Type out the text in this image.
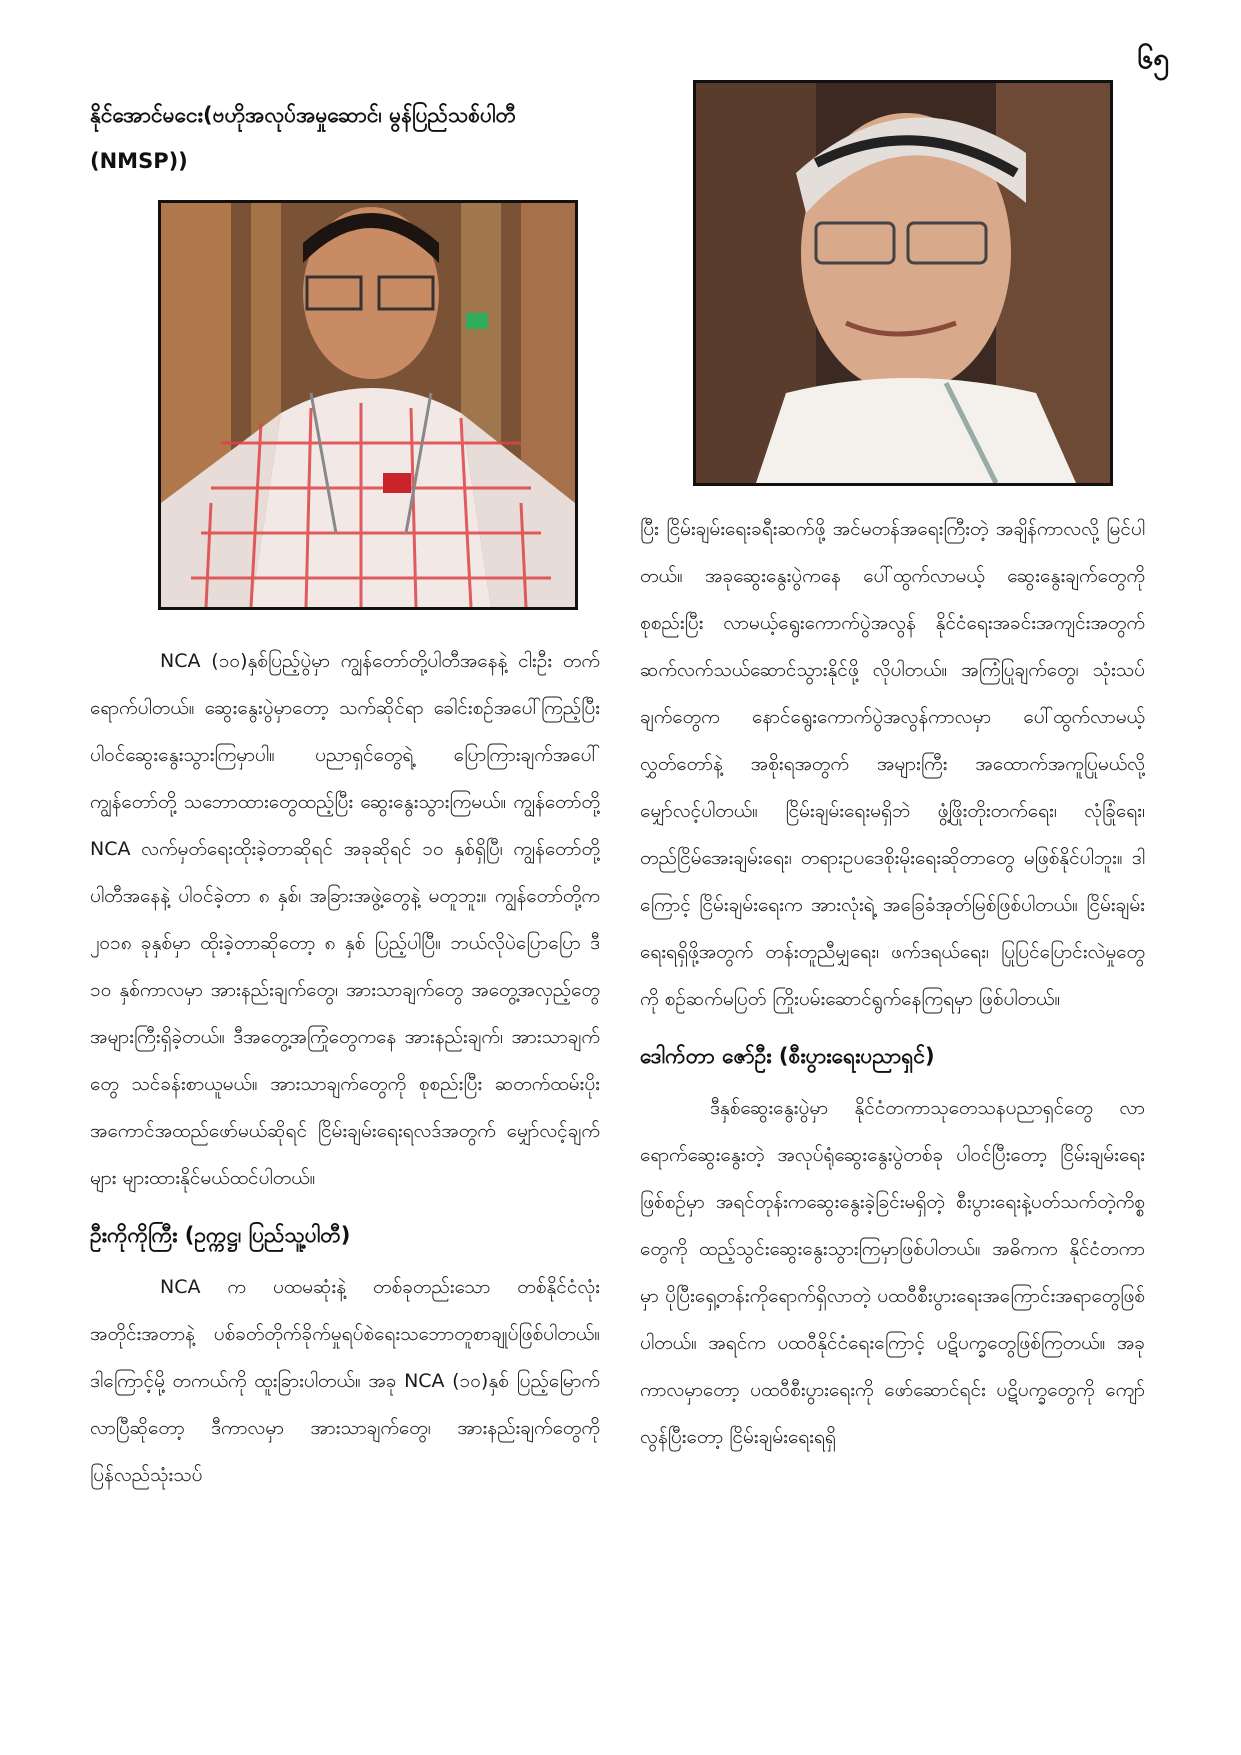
၆၅
နိုင်အောင်မငေး(ဗဟိုအလုပ်အမှုဆောင်၊ မွန်ပြည်သစ်ပါတီ
(NMSP))

NCA (၁၀)နှစ်ပြည့်ပွဲမှာ ကျွန်တော်တို့ပါတီအနေနဲ့ ငါးဦး တက်ရောက်ပါတယ်။ ဆွေးနွေးပွဲမှာတော့ သက်ဆိုင်ရာ ခေါင်းစဉ်အပေါ်ကြည့်ပြီး ပါဝင်ဆွေးနွေးသွားကြမှာပါ။ ပညာရှင်တွေရဲ့ ပြောကြားချက်အပေါ် ကျွန်တော်တို့ သဘောထားတွေထည့်ပြီး ဆွေးနွေးသွားကြမယ်။ ကျွန်တော်တို့ NCA လက်မှတ်ရေးထိုးခဲ့တာဆိုရင် အခုဆိုရင် ၁၀ နှစ်ရှိပြီ၊ ကျွန်တော်တို့ပါတီအနေနဲ့ ပါဝင်ခဲ့တာ ၈ နှစ်၊ အခြားအဖွဲ့တွေနဲ့ မတူဘူး။ ကျွန်တော်တို့က ၂၀၁၈ ခုနှစ်မှာ ထိုးခဲ့တာဆိုတော့ ၈ နှစ် ပြည့်ပါပြီ။ ဘယ်လိုပဲပြောပြော ဒီ ၁၀ နှစ်ကာလမှာ အားနည်းချက်တွေ၊ အားသာချက်တွေ အတွေ့အလှည့်တွေ အများကြီးရှိခဲ့တယ်။ ဒီအတွေ့အကြုံတွေကနေ အားနည်းချက်၊ အားသာချက်တွေ သင်ခန်းစာယူမယ်။ အားသာချက်တွေကို စုစည်းပြီး ဆတက်ထမ်းပိုး အကောင်အထည်ဖော်မယ်ဆိုရင် ငြိမ်းချမ်းရေးရလဒ်အတွက် မျှော်လင့်ချက်များ များထားနိုင်မယ်ထင်ပါတယ်။

ဦးကိုကိုကြီး (ဥက္ကဋ္ဌ၊ ပြည်သူ့ပါတီ)

NCA က ပထမဆုံးနဲ့ တစ်ခုတည်းသော တစ်နိုင်ငံလုံးအတိုင်းအတာနဲ့ ပစ်ခတ်တိုက်ခိုက်မှုရပ်စဲရေးသဘောတူစာချုပ်ဖြစ်ပါတယ်။ ဒါကြောင့်မို့ တကယ်ကို ထူးခြားပါတယ်။ အခု NCA (၁၀)နှစ် ပြည့်မြောက်လာပြီဆိုတော့ ဒီကာလမှာ အားသာချက်တွေ၊ အားနည်းချက်တွေကို ပြန်လည်သုံးသပ်

ပြီး ငြိမ်းချမ်းရေးခရီးဆက်ဖို့ အင်မတန်အရေးကြီးတဲ့ အချိန်ကာလလို့ မြင်ပါတယ်။ အခုဆွေးနွေးပွဲကနေ ပေါ်ထွက်လာမယ့် ဆွေးနွေးချက်တွေကို စုစည်းပြီး လာမယ့်ရွေးကောက်ပွဲအလွန် နိုင်ငံရေးအခင်းအကျင်းအတွက် ဆက်လက်သယ်ဆောင်သွားနိုင်ဖို့ လိုပါတယ်။ အကြံပြုချက်တွေ၊ သုံးသပ်ချက်တွေက နောင်ရွေးကောက်ပွဲအလွန်ကာလမှာ ပေါ်ထွက်လာမယ့် လွှတ်တော်နဲ့ အစိုးရအတွက် အများကြီး အထောက်အကူပြုမယ်လို့ မျှော်လင့်ပါတယ်။ ငြိမ်းချမ်းရေးမရှိဘဲ ဖွံ့ဖြိုးတိုးတက်ရေး၊ လုံခြုံရေး၊ တည်ငြိမ်အေးချမ်းရေး၊ တရားဥပဒေစိုးမိုးရေးဆိုတာတွေ မဖြစ်နိုင်ပါဘူး။ ဒါကြောင့် ငြိမ်းချမ်းရေးက အားလုံးရဲ့ အခြေခံအုတ်မြစ်ဖြစ်ပါတယ်။ ငြိမ်းချမ်းရေးရရှိဖို့အတွက် တန်းတူညီမျှရေး၊ ဖက်ဒရယ်ရေး၊ ပြုပြင်ပြောင်းလဲမှုတွေကို စဉ်ဆက်မပြတ် ကြိုးပမ်းဆောင်ရွက်နေကြရမှာ ဖြစ်ပါတယ်။

ဒေါက်တာ ဇော်ဦး (စီးပွားရေးပညာရှင်)

ဒီနှစ်ဆွေးနွေးပွဲမှာ နိုင်ငံတကာသုတေသနပညာရှင်တွေ လာရောက်ဆွေးနွေးတဲ့ အလုပ်ရုံဆွေးနွေးပွဲတစ်ခု ပါဝင်ပြီးတော့ ငြိမ်းချမ်းရေးဖြစ်စဉ်မှာ အရင်တုန်းကဆွေးနွေးခဲ့ခြင်းမရှိတဲ့ စီးပွားရေးနဲ့ပတ်သက်တဲ့ကိစ္စတွေကို ထည့်သွင်းဆွေးနွေးသွားကြမှာဖြစ်ပါတယ်။ အဓိကက နိုင်ငံတကာမှာ ပိုပြီးရှေ့တန်းကိုရောက်ရှိလာတဲ့ ပထဝီစီးပွားရေးအကြောင်းအရာတွေဖြစ်ပါတယ်။ အရင်က ပထဝီနိုင်ငံရေးကြောင့် ပဋိပက္ခတွေဖြစ်ကြတယ်။ အခုကာလမှာတော့ ပထဝီစီးပွားရေးကို ဖော်ဆောင်ရင်း ပဋိပက္ခတွေကို ကျော်လွန်ပြီးတော့ ငြိမ်းချမ်းရေးရရှိ
